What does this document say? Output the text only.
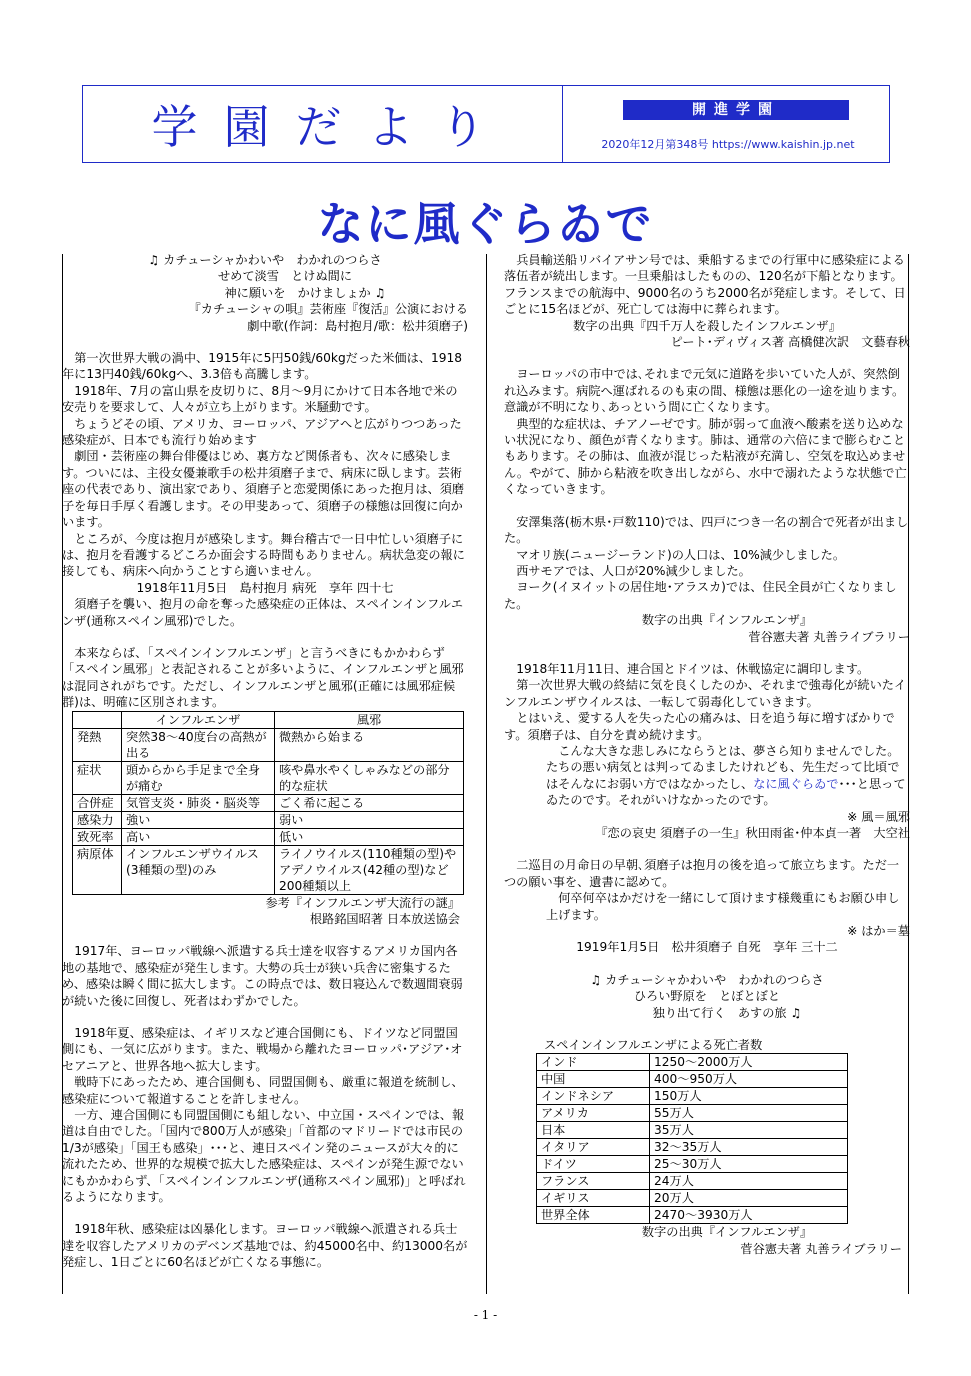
学園だより	開進学園
2020年12月第348号 https://www.kaishin.jp.net
なに風ぐらゐで

♫ カチューシャかわいや　わかれのつらさ

せめて淡雪　とけぬ間に

神に願いを　かけましょか ♫

『カチューシャの唄』芸術座『復活』公演における

劇中歌(作詞：島村抱月/歌：松井須磨子)

第一次世界大戦の渦中、1915年に5円50銭/60kgだった米価は、1918年に13円40銭/60kgへ、3.3倍も高騰します。

1918年、7月の富山県を皮切りに、8月～9月にかけて日本各地で米の安売りを要求して、人々が立ち上がります。米騒動です。

ちょうどその頃、アメリカ、ヨーロッパ、アジアへと広がりつつあった感染症が、日本でも流行り始めます

劇団・芸術座の舞台俳優はじめ、裏方など関係者も、次々に感染します。ついには、主役女優兼歌手の松井須磨子まで、病床に臥します。芸術座の代表であり、演出家であり、須磨子と恋愛関係にあった抱月は、須磨子を毎日手厚く看護します。その甲斐あって、須磨子の様態は回復に向かいます。

ところが、今度は抱月が感染します。舞台稽古で一日中忙しい須磨子には、抱月を看護するどころか面会する時間もありません。病状急変の報に接しても、病床へ向かうことすら適いません。

1918年11月5日　島村抱月 病死　享年 四十七

須磨子を襲い、抱月の命を奪った感染症の正体は、スペインインフルエンザ(通称スペイン風邪)でした。

本来ならば、「スペインインフルエンザ」と言うべきにもかかわらず「スペイン風邪」と表記されることが多いように、インフルエンザと風邪は混同されがちです。ただし、インフルエンザと風邪(正確には風邪症候群)は、明確に区別されます。

	インフルエンザ	風邪
発熱	突然38～40度台の高熱が出る	微熱から始まる
症状	頭からから手足まで全身が痛む	咳や鼻水やくしゃみなどの部分的な症状
合併症	気管支炎・肺炎・脳炎等	ごく希に起こる
感染力	強い	弱い
致死率	高い	低い
病原体	インフルエンザウイルス(3種類の型)のみ	ライノウイルス(110種類の型)やアデノウイルス(42種の型)など200種類以上

参考『インフルエンザ大流行の謎』

根路銘国昭著 日本放送協会

1917年、ヨーロッパ戦線へ派遣する兵士達を収容するアメリカ国内各地の基地で、感染症が発生します。大勢の兵士が狭い兵舎に密集するため、感染は瞬く間に拡大します。この時点では、数日寝込んで数週間衰弱が続いた後に回復し、死者はわずかでした。

1918年夏、感染症は、イギリスなど連合国側にも、ドイツなど同盟国側にも、一気に広がります。また、戦場から離れたヨーロッパ･アジア･オセアニアと、世界各地へ拡大します。

戦時下にあったため、連合国側も、同盟国側も、厳重に報道を統制し、感染症について報道することを許しません。

一方、連合国側にも同盟国側にも組しない、中立国・スペインでは、報道は自由でした。「国内で800万人が感染」「首都のマドリードでは市民の1/3が感染」「国王も感染」･･･と、連日スペイン発のニュースが大々的に流れたため、世界的な規模で拡大した感染症は、スペインが発生源でないにもかかわらず、「スペインインフルエンザ(通称スペイン風邪)」と呼ばれるようになります。

1918年秋、感染症は凶暴化します。ヨーロッパ戦線へ派遣される兵士達を収容したアメリカのデベンズ基地では、約45000名中、約13000名が発症し、1日ごとに60名ほどが亡くなる事態に。

兵員輸送船リバイアサン号では、乗船するまでの行軍中に感染症による落伍者が続出します。一旦乗船はしたものの、120名が下船となります。フランスまでの航海中、9000名のうち2000名が発症します。そして、日ごとに15名ほどが、死亡しては海中に葬られます。

数字の出典『四千万人を殺したインフルエンザ』

ピート･ディヴィス著 高橋健次訳　文藝春秋

ヨーロッパの市中では､それまで元気に道路を歩いていた人が、突然倒れ込みます。病院へ運ばれるのも束の間、様態は悪化の一途を辿ります。意識が不明になり､あっという間に亡くなります。

典型的な症状は、チアノーゼです。肺が弱って血液へ酸素を送り込めない状況になり、顔色が青くなります。肺は、通常の六倍にまで膨らむこともあります。その肺は、血液が混じった粘液が充満し、空気を取込めません。やがて、肺から粘液を吹き出しながら、水中で溺れたような状態で亡くなっていきます。

安澤集落(栃木県･戸数110)では、四戸につき一名の割合で死者が出ました。

マオリ族(ニュージーランド)の人口は、10%減少しました。

西サモアでは、人口が20%減少しました。

ヨーク(イヌイットの居住地･アラスカ)では、住民全員が亡くなりました。

数字の出典『インフルエンザ』

菅谷憲夫著 丸善ライブラリー

1918年11月11日、連合国とドイツは、休戦協定に調印します。

第一次世界大戦の終結に気を良くしたのか、それまで強毒化が続いたインフルエンザウイルスは、一転して弱毒化していきます。

とはいえ、愛する人を失った心の痛みは、日を追う毎に増すばかりです。須磨子は、自分を責め続けます。

こんな大きな悲しみにならうとは、夢さら知りませんでした。たちの悪い病気とは判ってゐましたけれども、先生だって比頃ではそんなにお弱い方ではなかったし、なに風ぐらゐで･･･と思ってゐたのです。それがいけなかったのです。

※ 風＝風邪

『恋の哀史 須磨子の一生』秋田雨雀･仲本貞一著　大空社

二巡目の月命日の早朝､須磨子は抱月の後を追って旅立ちます。ただ一つの願い事を、遺書に認めて。

何卒何卒はかだけを一緒にして頂けます様幾重にもお願ひ申し上げます。

※ はか＝墓

1919年1月5日　松井須磨子 自死　享年 三十二

♫ カチューシャかわいや　わかれのつらさ

ひろい野原を　とぼとぼと

独り出て行く　あすの旅 ♫

スペインインフルエンザによる死亡者数

インド	1250～2000万人
中国	400～950万人
インドネシア	150万人
アメリカ	55万人
日本	35万人
イタリア	32～35万人
ドイツ	25～30万人
フランス	24万人
イギリス	20万人
世界全体	2470～3930万人

数字の出典『インフルエンザ』

菅谷憲夫著 丸善ライブラリー

- 1 -
